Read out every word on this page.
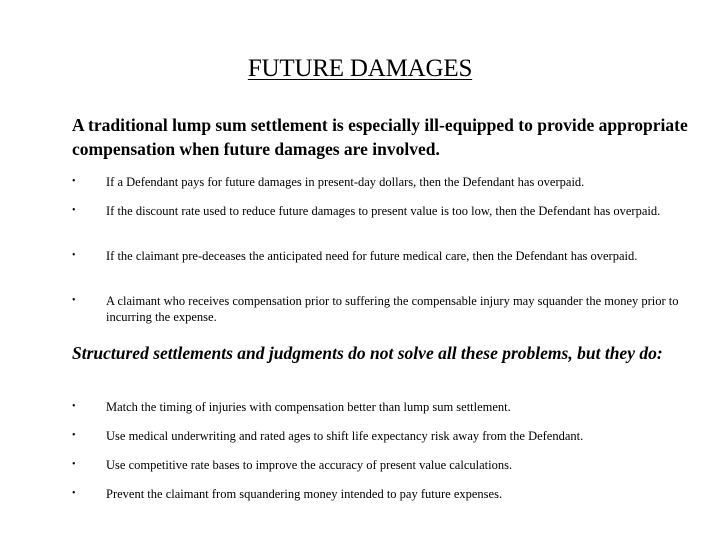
FUTURE DAMAGES
A traditional lump sum settlement is especially ill-equipped to provide appropriate compensation when future damages are involved.
•	If a Defendant pays for future damages in present-day dollars, then the Defendant has overpaid.
•	If the discount rate used to reduce future damages to present value is too low, then the Defendant has overpaid.
•	If the claimant pre-deceases the anticipated need for future medical care, then the Defendant has overpaid.
•	A claimant who receives compensation prior to suffering the compensable injury may squander the money prior to incurring the expense.
Structured settlements and judgments do not solve all these problems, but they do:
•	Match the timing of injuries with compensation better than lump sum settlement.
•	Use medical underwriting and rated ages to shift life expectancy risk away from the Defendant.
•	Use competitive rate bases to improve the accuracy of present value calculations.
•	Prevent the claimant from squandering money intended to pay future expenses.
